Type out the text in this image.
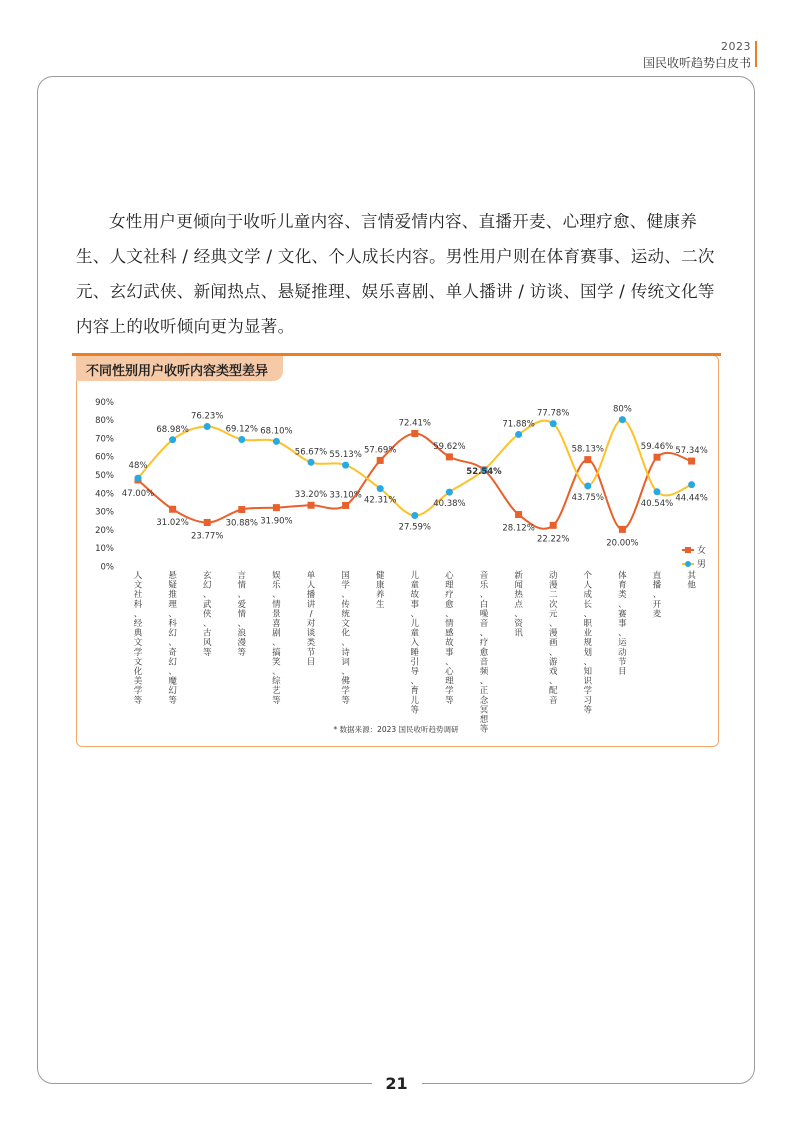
2023
国民收听趋势白皮书

女性用户更倾向于收听儿童内容、言情爱情内容、直播开麦、心理疗愈、健康养生、人文社科 / 经典文学 / 文化、个人成长内容。男性用户则在体育赛事、运动、二次元、玄幻武侠、新闻热点、悬疑推理、娱乐喜剧、单人播讲 / 访谈、国学 / 传统文化等内容上的收听倾向更为显著。

不同性别用户收听内容类型差异
0%
10%
20%
30%
40%
50%
60%
70%
80%
90%
人文社科、经典文学文化美学等
悬疑推理、科幻、奇幻、魔幻等
玄幻、武侠、古风等
言情、爱情、浪漫等
娱乐、情景喜剧、搞笑、综艺等
单人播讲/对谈类节目
国学、传统文化、诗词、佛学等
健康养生
儿童故事、儿童入睡引导、育儿等
心理疗愈、情感故事、心理学等
音乐、白噪音、疗愈音频、正念冥想等
新闻热点、资讯
动漫二次元、漫画、游戏、配音
个人成长、职业规划、知识学习等
体育类、赛事、运动节目
直播、开麦
其他
47.00%
31.02%
23.77%
30.88% 31.90%
33.20% 33.10%
57.69%
72.41%
59.62%
52.54%
28.12%
22.22%
58.13%
20.00%
59.46% 57.34%
48%
68.98%
76.23%
69.12% 68.10%
56.67% 55.13%
42.31%
27.59%
40.38%
71.88%
77.78%
43.75%
80%
40.54%
44.44%
女
男
* 数据来源：2023 国民收听趋势调研
21
